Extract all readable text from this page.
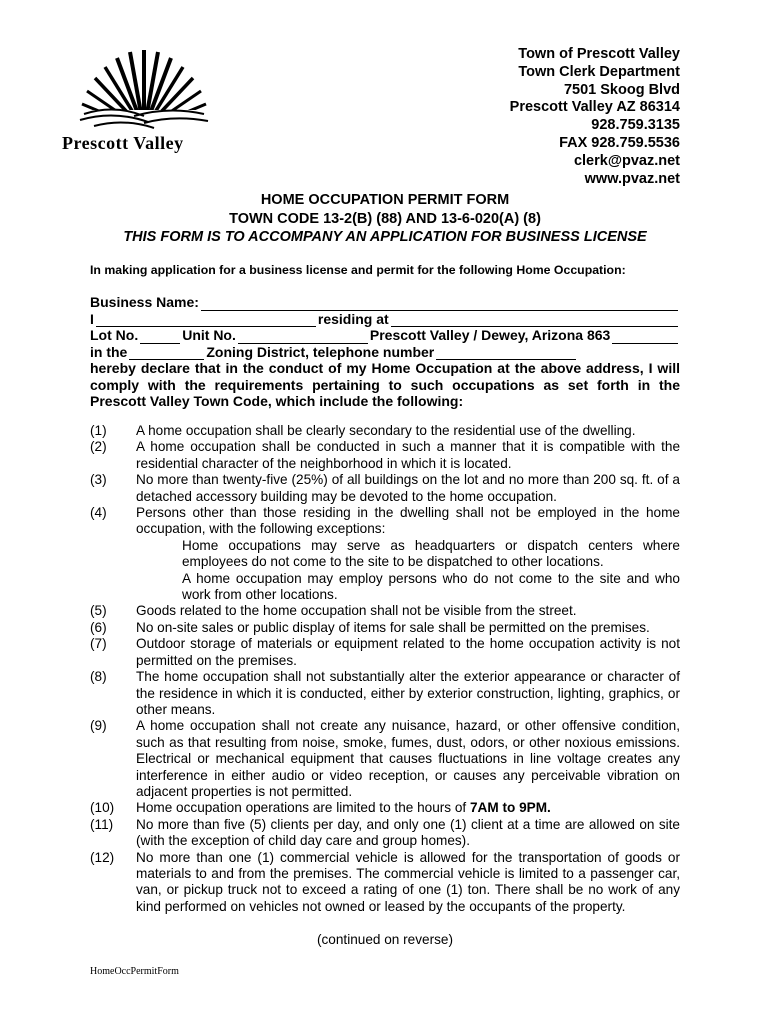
Prescott Valley
Town of Prescott Valley
Town Clerk Department
7501 Skoog Blvd
Prescott Valley AZ 86314
928.759.3135
FAX 928.759.5536
clerk@pvaz.net
www.pvaz.net
HOME OCCUPATION PERMIT FORM
TOWN CODE 13-2(B) (88) AND 13-6-020(A) (8)
THIS FORM IS TO ACCOMPANY AN APPLICATION FOR BUSINESS LICENSE
In making application for a business license and permit for the following Home Occupation:
Business Name:
I	residing at
Lot No.	Unit No.	Prescott Valley / Dewey, Arizona 863
in the	Zoning District, telephone number
hereby declare that in the conduct of my Home Occupation at the above address, I will comply with the requirements pertaining to such occupations as set forth in the Prescott Valley Town Code, which include the following:
(1)	A home occupation shall be clearly secondary to the residential use of the dwelling.
(2)	A home occupation shall be conducted in such a manner that it is compatible with the residential character of the neighborhood in which it is located.
(3)	No more than twenty-five (25%) of all buildings on the lot and no more than 200 sq. ft. of a detached accessory building may be devoted to the home occupation.
(4)	Persons other than those residing in the dwelling shall not be employed in the home occupation, with the following exceptions:

Home occupations may serve as headquarters or dispatch centers where employees do not come to the site to be dispatched to other locations.

A home occupation may employ persons who do not come to the site and who work from other locations.

(5)	Goods related to the home occupation shall not be visible from the street.
(6)	No on-site sales or public display of items for sale shall be permitted on the premises.
(7)	Outdoor storage of materials or equipment related to the home occupation activity is not permitted on the premises.
(8)	The home occupation shall not substantially alter the exterior appearance or character of the residence in which it is conducted, either by exterior construction, lighting, graphics, or other means.
(9)	A home occupation shall not create any nuisance, hazard, or other offensive condition, such as that resulting from noise, smoke, fumes, dust, odors, or other noxious emissions. Electrical or mechanical equipment that causes fluctuations in line voltage creates any interference in either audio or video reception, or causes any perceivable vibration on adjacent properties is not permitted.
(10)	Home occupation operations are limited to the hours of 7AM to 9PM.
(11)	No more than five (5) clients per day, and only one (1) client at a time are allowed on site (with the exception of child day care and group homes).
(12)	No more than one (1) commercial vehicle is allowed for the transportation of goods or materials to and from the premises. The commercial vehicle is limited to a passenger car, van, or pickup truck not to exceed a rating of one (1) ton. There shall be no work of any kind performed on vehicles not owned or leased by the occupants of the property.
(continued on reverse)
HomeOccPermitForm
